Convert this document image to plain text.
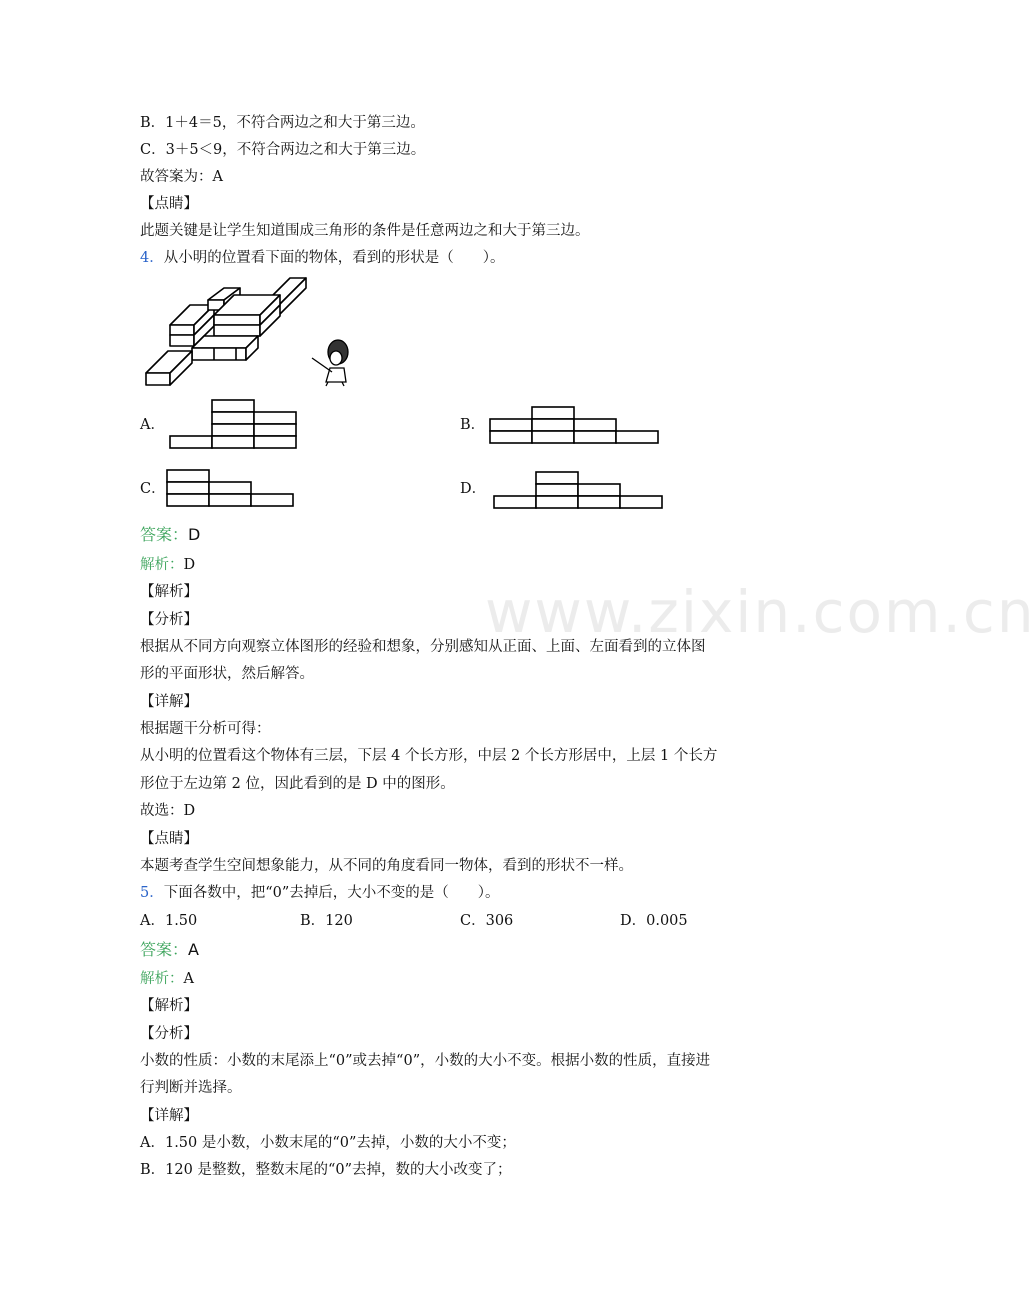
www.zixin.com.cn

B．1＋4＝5，不符合两边之和大于第三边。

C．3＋5＜9，不符合两边之和大于第三边。

故答案为：A

【点睛】

此题关键是让学生知道围成三角形的条件是任意两边之和大于第三边。

4．从小明的位置看下面的物体，看到的形状是（　　）。

A．	B．
C．	D．

答案：D

解析：D

【解析】

【分析】

根据从不同方向观察立体图形的经验和想象，分别感知从正面、上面、左面看到的立体图

形的平面形状，然后解答。

【详解】

根据题干分析可得：

从小明的位置看这个物体有三层，下层 4 个长方形，中层 2 个长方形居中，上层 1 个长方

形位于左边第 2 位，因此看到的是 D 中的图形。

故选：D

【点睛】

本题考查学生空间想象能力，从不同的角度看同一物体，看到的形状不一样。

5．下面各数中，把“0”去掉后，大小不变的是（　　）。

A．1.50	B．120	C．306	D．0.005

答案：A

解析：A

【解析】

【分析】

小数的性质：小数的末尾添上“0”或去掉“0”，小数的大小不变。根据小数的性质，直接进

行判断并选择。

【详解】

A．1.50 是小数，小数末尾的“0”去掉，小数的大小不变；

B．120 是整数，整数末尾的“0”去掉，数的大小改变了；
